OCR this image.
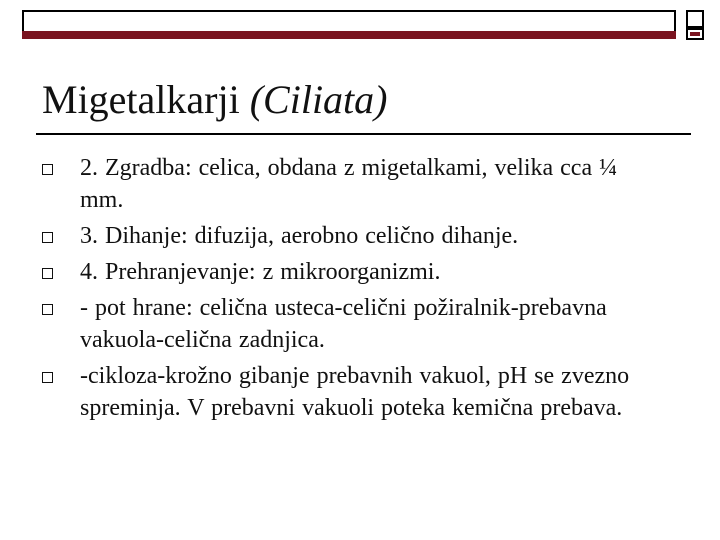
Migetalkarji (Ciliata)
2. Zgradba: celica, obdana z migetalkami, velika cca ¼ mm.
3. Dihanje: difuzija, aerobno celično dihanje.
4. Prehranjevanje: z mikroorganizmi.
- pot hrane: celična usteca-celični požiralnik-prebavna vakuola-celična zadnjica.
-cikloza-krožno gibanje prebavnih vakuol, pH se zvezno spreminja. V prebavni vakuoli poteka kemična prebava.
